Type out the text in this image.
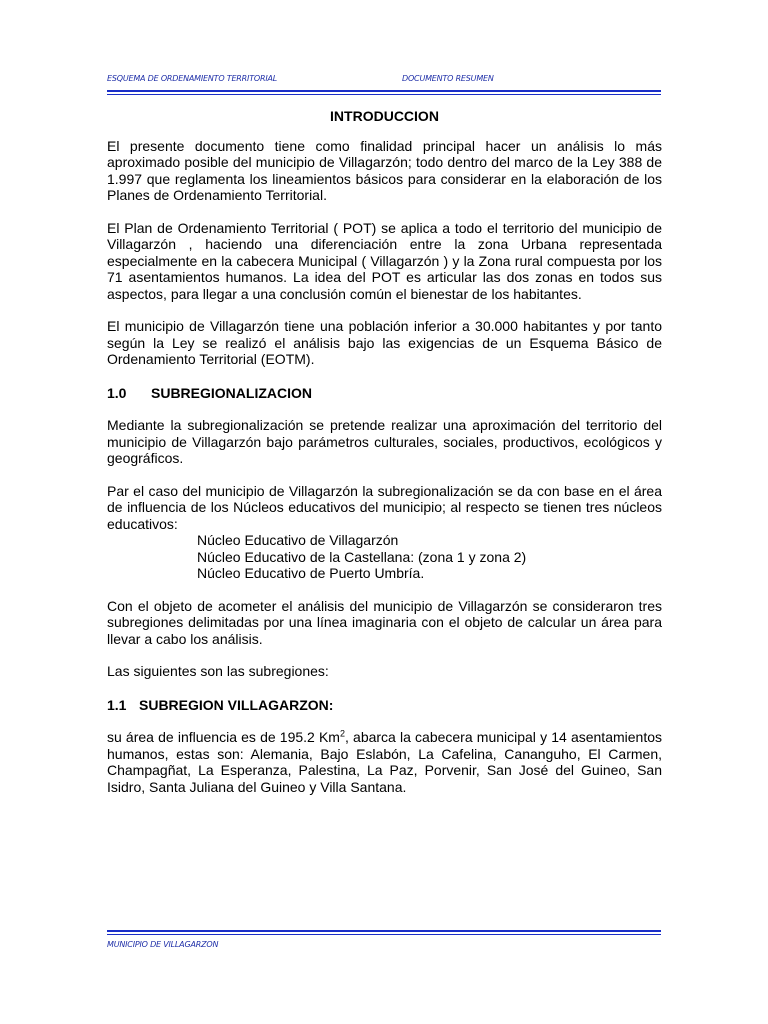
ESQUEMA DE ORDENAMIENTO TERRITORIAL	DOCUMENTO RESUMEN
INTRODUCCION

El presente documento tiene como finalidad principal hacer un análisis lo más aproximado posible del municipio de Villagarzón; todo dentro del marco de la Ley 388 de 1.997 que reglamenta los lineamientos básicos para considerar en la elaboración de los Planes de Ordenamiento Territorial.

El Plan de Ordenamiento Territorial ( POT) se aplica a todo el territorio del municipio de Villagarzón , haciendo una diferenciación entre la zona Urbana representada especialmente en la cabecera Municipal ( Villagarzón ) y la Zona rural compuesta por los 71 asentamientos humanos. La idea del POT es articular las dos zonas en todos sus aspectos, para llegar a una conclusión común el bienestar de los habitantes.

El municipio de Villagarzón tiene una población inferior a 30.000 habitantes y por tanto según la Ley se realizó el análisis bajo las exigencias de un Esquema Básico de Ordenamiento Territorial (EOTM).

1.0 SUBREGIONALIZACION

Mediante la subregionalización se pretende realizar una aproximación del territorio del municipio de Villagarzón bajo parámetros culturales, sociales, productivos, ecológicos y geográficos.

Par el caso del municipio de Villagarzón la subregionalización se da con base en el área de influencia de los Núcleos educativos del municipio; al respecto se tienen tres núcleos educativos:

Núcleo Educativo de Villagarzón
Núcleo Educativo de la Castellana: (zona 1 y zona 2)
Núcleo Educativo de Puerto Umbría.

Con el objeto de acometer el análisis del municipio de Villagarzón se consideraron tres subregiones delimitadas por una línea imaginaria con el objeto de calcular un área para llevar a cabo los análisis.

Las siguientes son las subregiones:

1.1 SUBREGION VILLAGARZON:

su área de influencia es de 195.2 Km$^2$, abarca la cabecera municipal y 14 asentamientos humanos, estas son: Alemania, Bajo Eslabón, La Cafelina, Cananguho, El Carmen, Champagñat, La Esperanza, Palestina, La Paz, Porvenir, San José del Guineo, San Isidro, Santa Juliana del Guineo y Villa Santana.

MUNICIPIO DE VILLAGARZON
